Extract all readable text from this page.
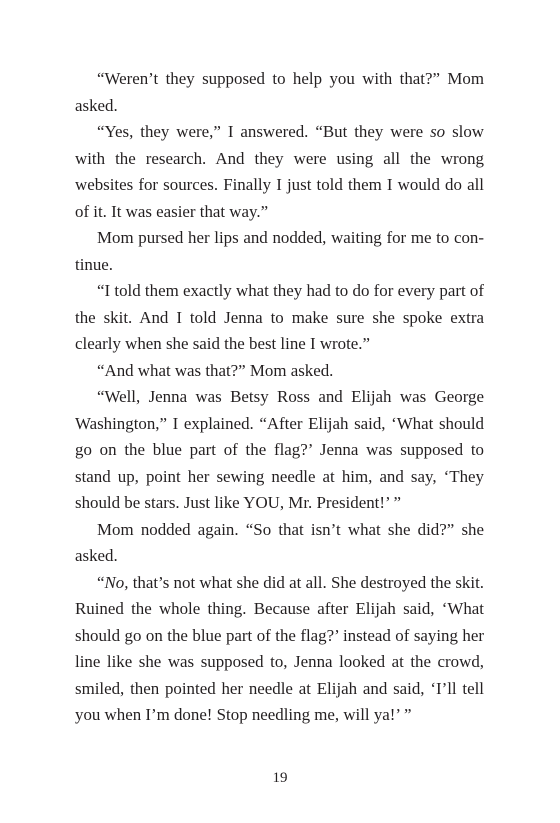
“Weren’t they supposed to help you with that?” Mom asked.

“Yes, they were,” I answered. “But they were so slow with the research. And they were using all the wrong websites for sources. Finally I just told them I would do all of it. It was easier that way.”

Mom pursed her lips and nodded, waiting for me to continue.

“I told them exactly what they had to do for every part of the skit. And I told Jenna to make sure she spoke extra clearly when she said the best line I wrote.”

“And what was that?” Mom asked.

“Well, Jenna was Betsy Ross and Elijah was George Washington,” I explained. “After Elijah said, ‘What should go on the blue part of the flag?’ Jenna was supposed to stand up, point her sewing needle at him, and say, ‘They should be stars. Just like YOU, Mr. President!’ ”

Mom nodded again. “So that isn’t what she did?” she asked.

“No, that’s not what she did at all. She destroyed the skit. Ruined the whole thing. Because after Elijah said, ‘What should go on the blue part of the flag?’ instead of saying her line like she was supposed to, Jenna looked at the crowd, smiled, then pointed her needle at Elijah and said, ‘I’ll tell you when I’m done! Stop needling me, will ya!’ ”

19
